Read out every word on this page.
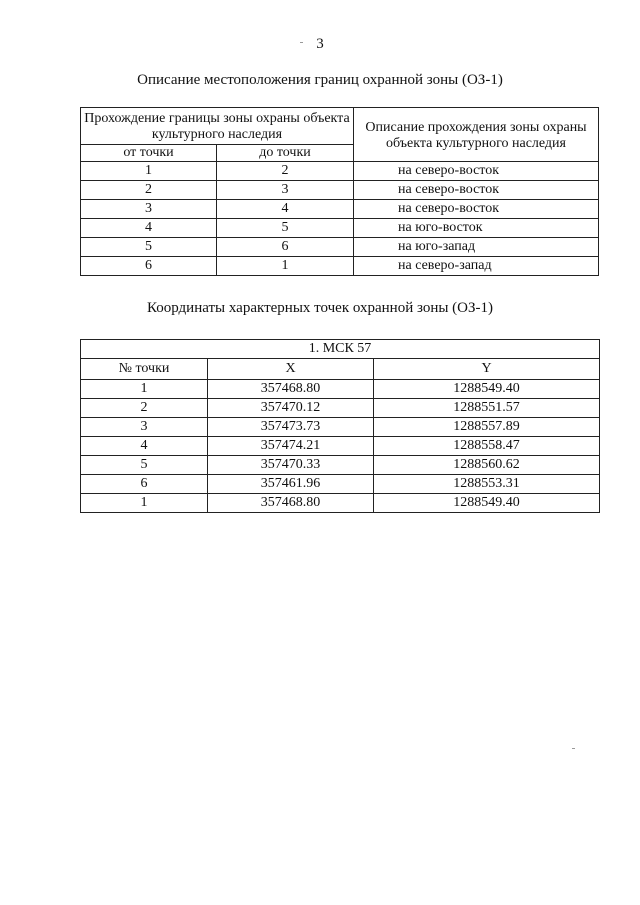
3
Описание местоположения границ охранной зоны (ОЗ-1)
Прохождение границы зоны охраны объекта культурного наследия		Описание прохождения зоны охраны объекта культурного наследия
от точки	до точки	
1	2	на северо-восток
2	3	на северо-восток
3	4	на северо-восток
4	5	на юго-восток
5	6	на юго-запад
6	1	на северо-запад
Координаты характерных точек охранной зоны (ОЗ-1)
1. МСК 57		
№ точки	X	Y
1	357468.80	1288549.40
2	357470.12	1288551.57
3	357473.73	1288557.89
4	357474.21	1288558.47
5	357470.33	1288560.62
6	357461.96	1288553.31
1	357468.80	1288549.40
